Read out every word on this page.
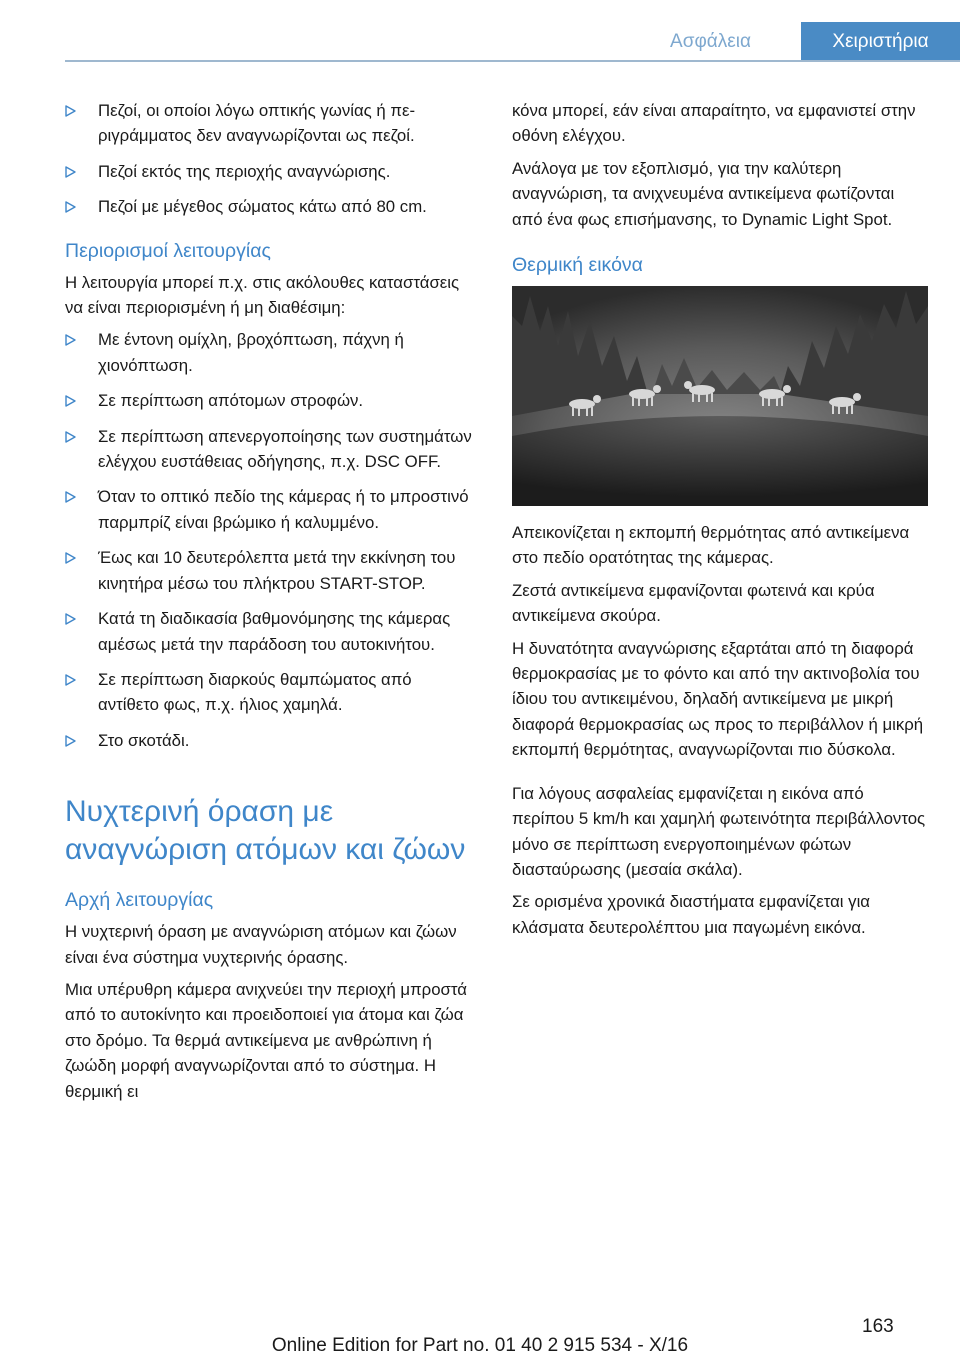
Ασφάλεια	Χειριστήρια
Πεζοί, οι οποίοι λόγω οπτικής γωνίας ή περιγράμματος δεν αναγνωρίζονται ως πεζοί.
Πεζοί εκτός της περιοχής αναγνώρισης.
Πεζοί με μέγεθος σώματος κάτω από 80 cm.
Περιορισμοί λειτουργίας

Η λειτουργία μπορεί π.χ. στις ακόλουθες καταστάσεις να είναι περιορισμένη ή μη διαθέσιμη:

Με έντονη ομίχλη, βροχόπτωση, πάχνη ή χιονόπτωση.
Σε περίπτωση απότομων στροφών.
Σε περίπτωση απενεργοποίησης των συστημάτων ελέγχου ευστάθειας οδήγησης, π.χ. DSC OFF.
Όταν το οπτικό πεδίο της κάμερας ή το μπροστινό παρμπρίζ είναι βρώμικο ή καλυμμένο.
Έως και 10 δευτερόλεπτα μετά την εκκίνηση του κινητήρα μέσω του πλήκτρου START-STOP.
Κατά τη διαδικασία βαθμονόμησης της κάμερας αμέσως μετά την παράδοση του αυτοκινήτου.
Σε περίπτωση διαρκούς θαμπώματος από αντίθετο φως, π.χ. ήλιος χαμηλά.
Στο σκοτάδι.
Νυχτερινή όραση με αναγνώριση ατόμων και ζώων
Αρχή λειτουργίας

Η νυχτερινή όραση με αναγνώριση ατόμων και ζώων είναι ένα σύστημα νυχτερινής όρασης.

Μια υπέρυθρη κάμερα ανιχνεύει την περιοχή μπροστά από το αυτοκίνητο και προειδοποιεί για άτομα και ζώα στο δρόμο. Τα θερμά αντικείμενα με ανθρώπινη ή ζωώδη μορφή αναγνωρίζονται από το σύστημα. Η θερμική ει

κόνα μπορεί, εάν είναι απαραίτητο, να εμφανιστεί στην οθόνη ελέγχου.

Ανάλογα με τον εξοπλισμό, για την καλύτερη αναγνώριση, τα ανιχνευμένα αντικείμενα φωτίζονται από ένα φως επισήμανσης, το Dynamic Light Spot.

Θερμική εικόνα

Απεικονίζεται η εκπομπή θερμότητας από αντικείμενα στο πεδίο ορατότητας της κάμερας.

Ζεστά αντικείμενα εμφανίζονται φωτεινά και κρύα αντικείμενα σκούρα.

Η δυνατότητα αναγνώρισης εξαρτάται από τη διαφορά θερμοκρασίας με το φόντο και από την ακτινοβολία του ίδιου του αντικειμένου, δηλαδή αντικείμενα με μικρή διαφορά θερμοκρασίας ως προς το περιβάλλον ή μικρή εκπομπή θερμότητας, αναγνωρίζονται πιο δύσκολα.

Για λόγους ασφαλείας εμφανίζεται η εικόνα από περίπου 5 km/h και χαμηλή φωτεινότητα περιβάλλοντος μόνο σε περίπτωση ενεργοποιημένων φώτων διασταύρωσης (μεσαία σκάλα).

Σε ορισμένα χρονικά διαστήματα εμφανίζεται για κλάσματα δευτερολέπτου μια παγωμένη εικόνα.

163
Online Edition for Part no. 01 40 2 915 534 - X/16
